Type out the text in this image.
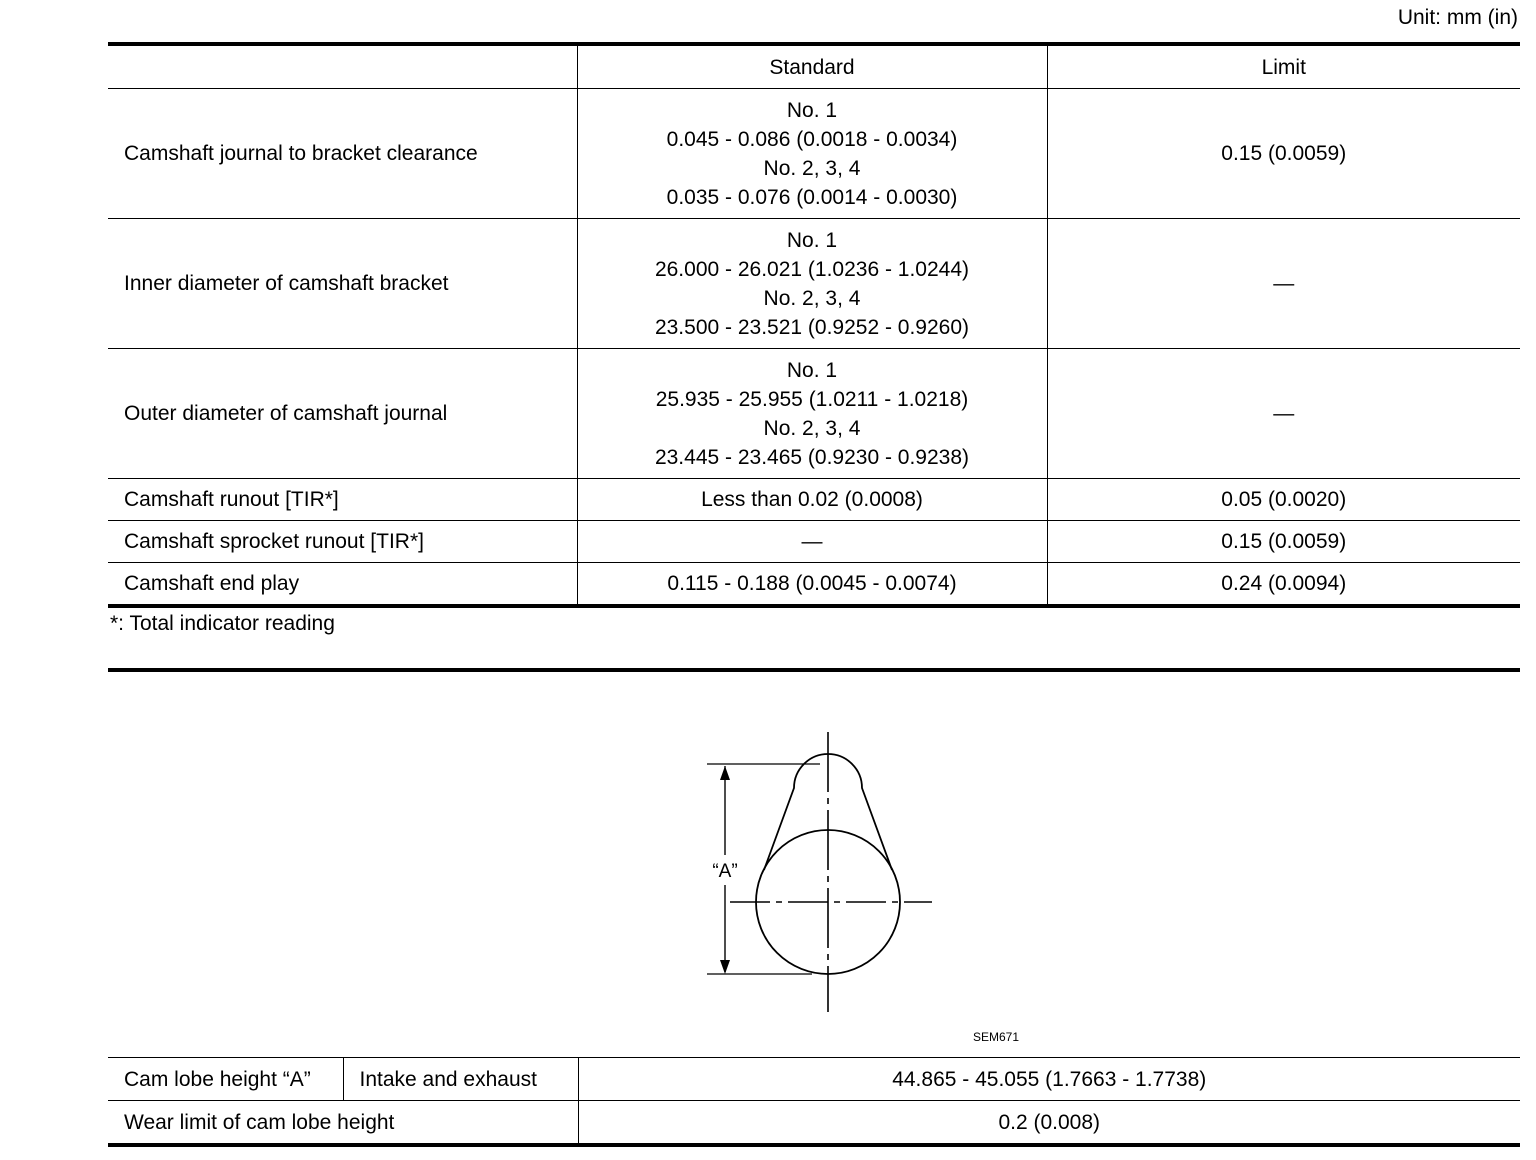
Unit: mm (in)
	Standard	Limit
Camshaft journal to bracket clearance	No. 1
0.045 - 0.086 (0.0018 - 0.0034)
No. 2, 3, 4
0.035 - 0.076 (0.0014 - 0.0030)	0.15 (0.0059)
Inner diameter of camshaft bracket	No. 1
26.000 - 26.021 (1.0236 - 1.0244)
No. 2, 3, 4
23.500 - 23.521 (0.9252 - 0.9260)	—
Outer diameter of camshaft journal	No. 1
25.935 - 25.955 (1.0211 - 1.0218)
No. 2, 3, 4
23.445 - 23.465 (0.9230 - 0.9238)	—
Camshaft runout [TIR*]	Less than 0.02 (0.0008)	0.05 (0.0020)
Camshaft sprocket runout [TIR*]	—	0.15 (0.0059)
Camshaft end play	0.115 - 0.188 (0.0045 - 0.0074)	0.24 (0.0094)
*: Total indicator reading
“A”
SEM671
Cam lobe height “A”	Intake and exhaust	44.865 - 45.055 (1.7663 - 1.7738)
Wear limit of cam lobe height		0.2 (0.008)
